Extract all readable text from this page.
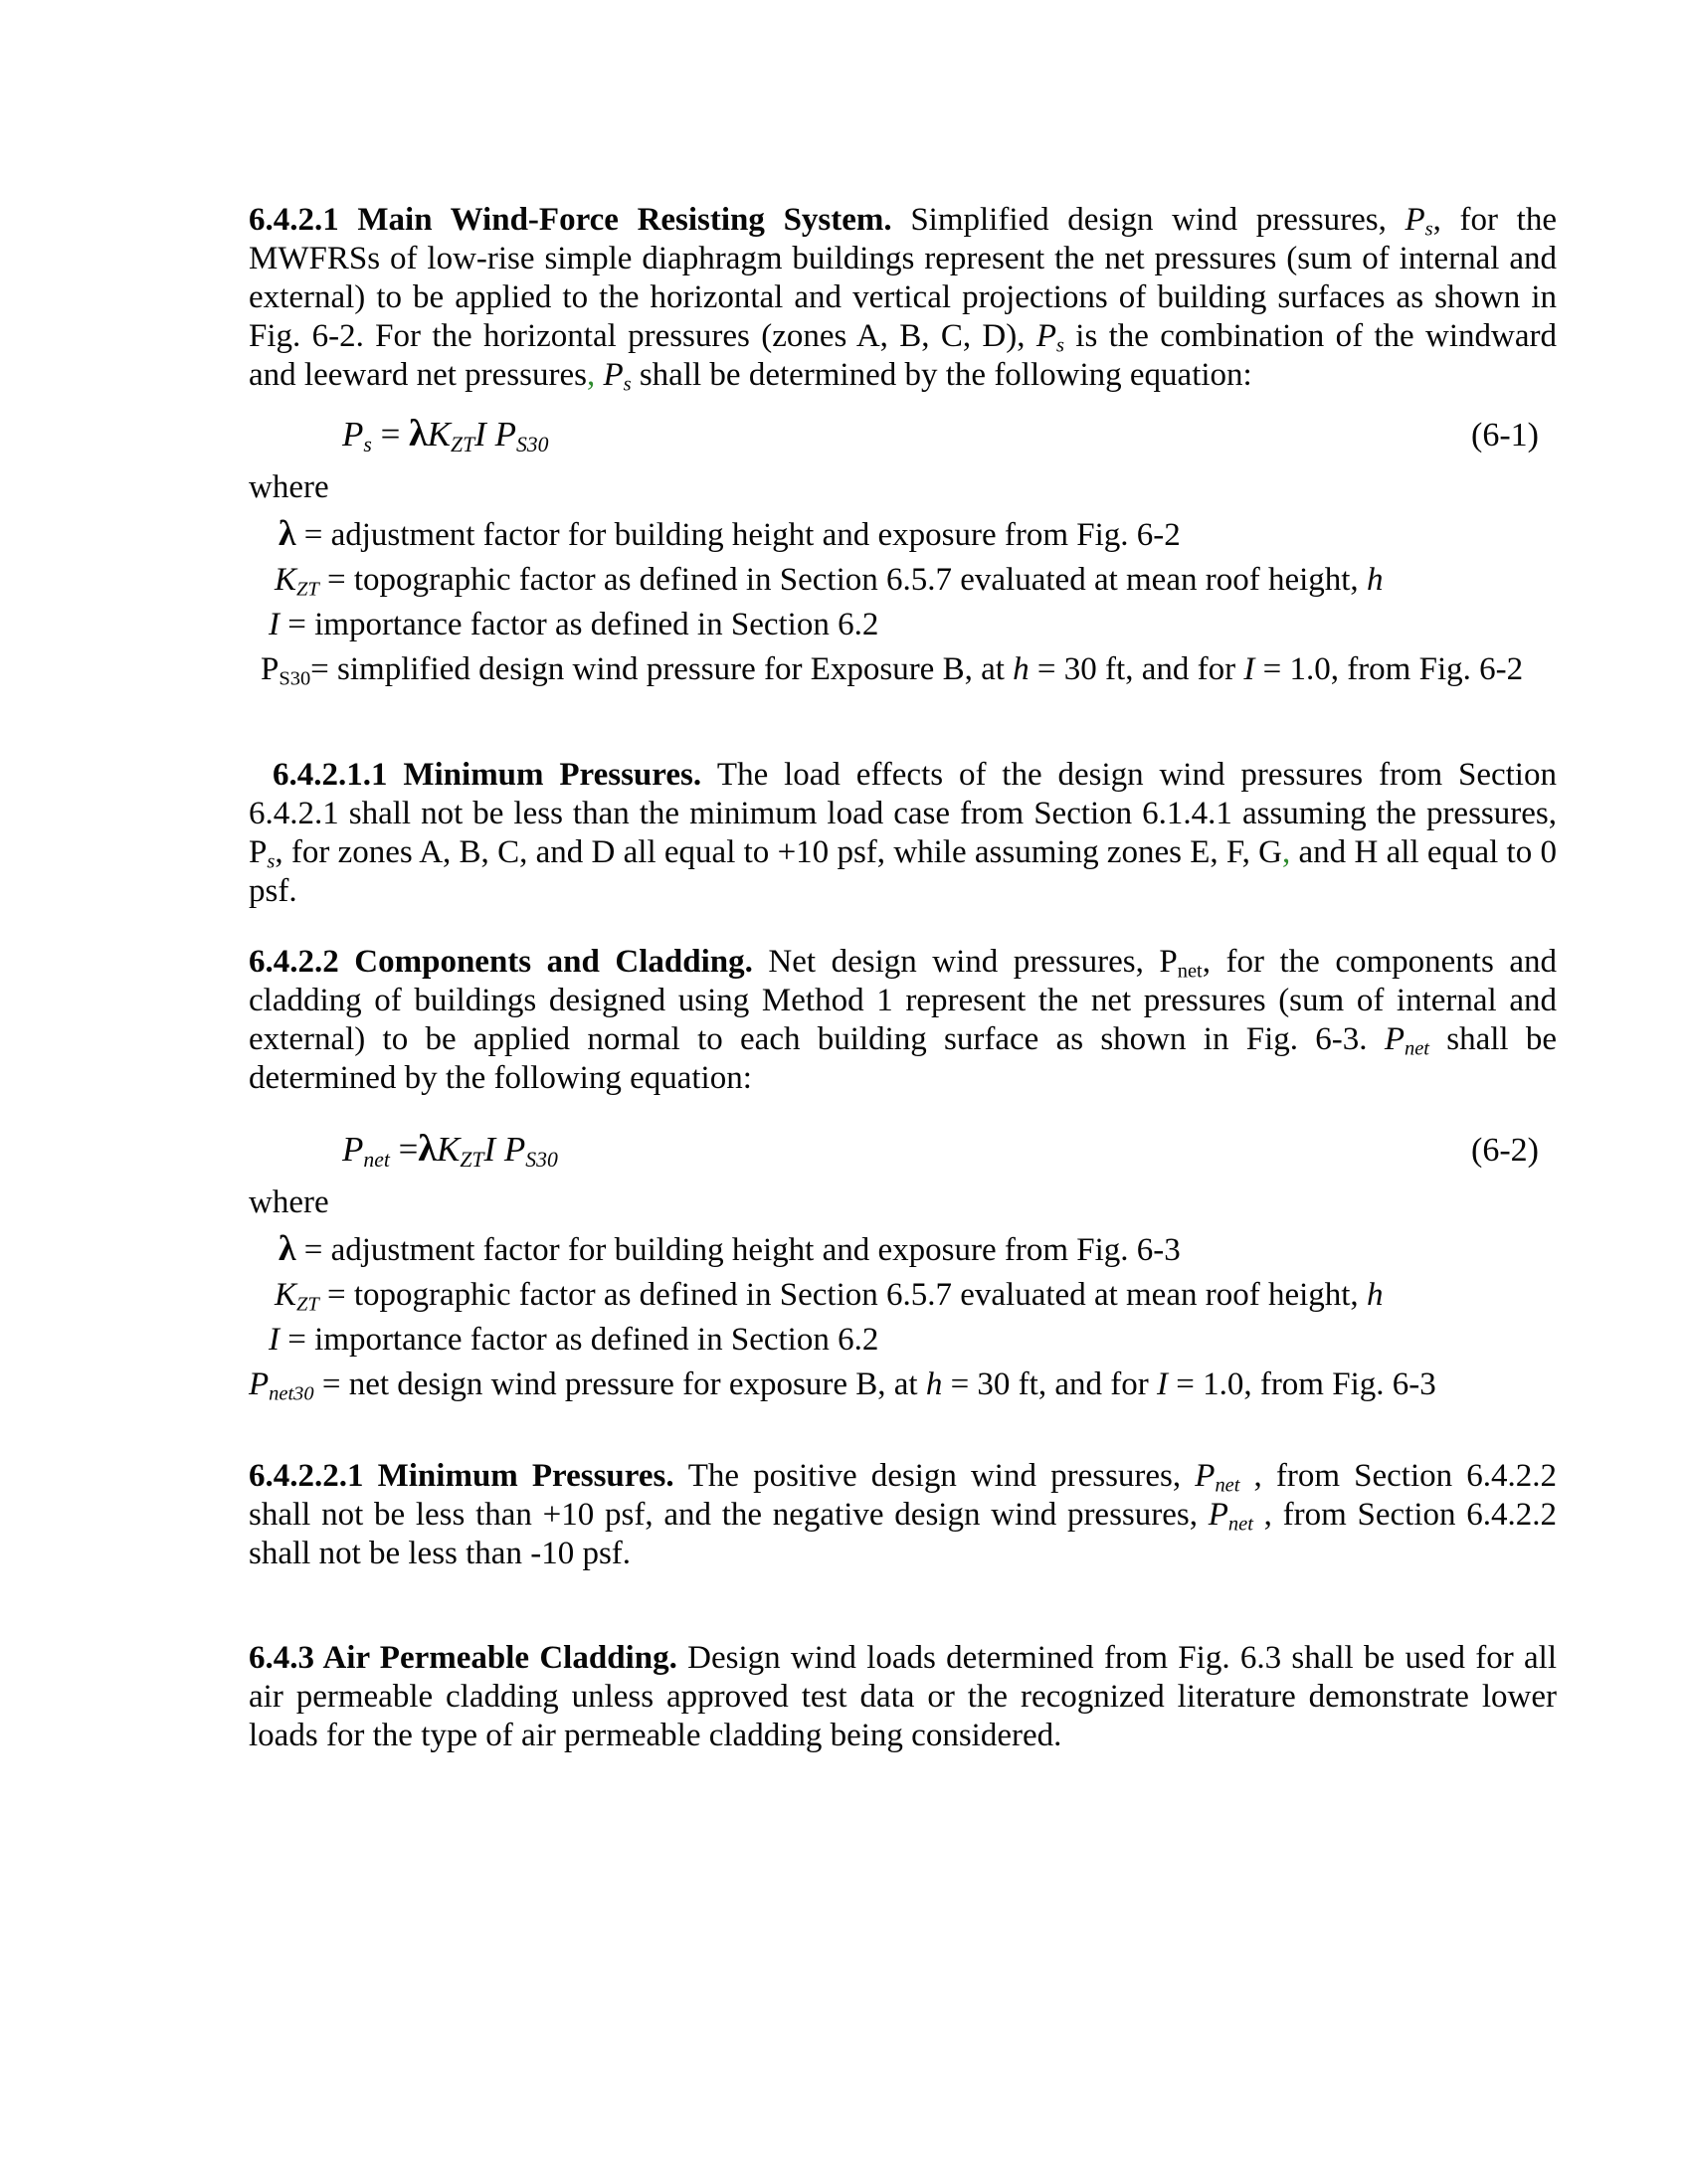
6.4.2.1 Main Wind-Force Resisting System. Simplified design wind pressures, Ps, for the MWFRSs of low-rise simple diaphragm buildings represent the net pressures (sum of internal and external) to be applied to the horizontal and vertical projections of building surfaces as shown in Fig. 6-2. For the horizontal pressures (zones A, B, C, D), Ps is the combination of the windward and leeward net pressures, Ps shall be determined by the following equation:

Ps = λKZTI PS30	(6-1)

where

λ = adjustment factor for building height and exposure from Fig. 6-2
KZT = topographic factor as defined in Section 6.5.7 evaluated at mean roof height, h
I = importance factor as defined in Section 6.2
PS30= simplified design wind pressure for Exposure B, at h = 30 ft, and for I = 1.0, from Fig. 6-2

6.4.2.1.1 Minimum Pressures. The load effects of the design wind pressures from Section 6.4.2.1 shall not be less than the minimum load case from Section 6.1.4.1 assuming the pressures, Ps, for zones A, B, C, and D all equal to +10 psf, while assuming zones E, F, G, and H all equal to 0 psf.

6.4.2.2 Components and Cladding. Net design wind pressures, Pnet, for the components and cladding of buildings designed using Method 1 represent the net pressures (sum of internal and external) to be applied normal to each building surface as shown in Fig. 6-3. Pnet shall be determined by the following equation:

Pnet =λKZTI PS30	(6-2)

where

λ = adjustment factor for building height and exposure from Fig. 6-3
KZT = topographic factor as defined in Section 6.5.7 evaluated at mean roof height, h
I = importance factor as defined in Section 6.2
Pnet30 = net design wind pressure for exposure B, at h = 30 ft, and for I = 1.0, from Fig. 6-3

6.4.2.2.1 Minimum Pressures. The positive design wind pressures, Pnet , from Section 6.4.2.2 shall not be less than +10 psf, and the negative design wind pressures, Pnet , from Section 6.4.2.2 shall not be less than -10 psf.

6.4.3 Air Permeable Cladding. Design wind loads determined from Fig. 6.3 shall be used for all air permeable cladding unless approved test data or the recognized literature demonstrate lower loads for the type of air permeable cladding being considered.
